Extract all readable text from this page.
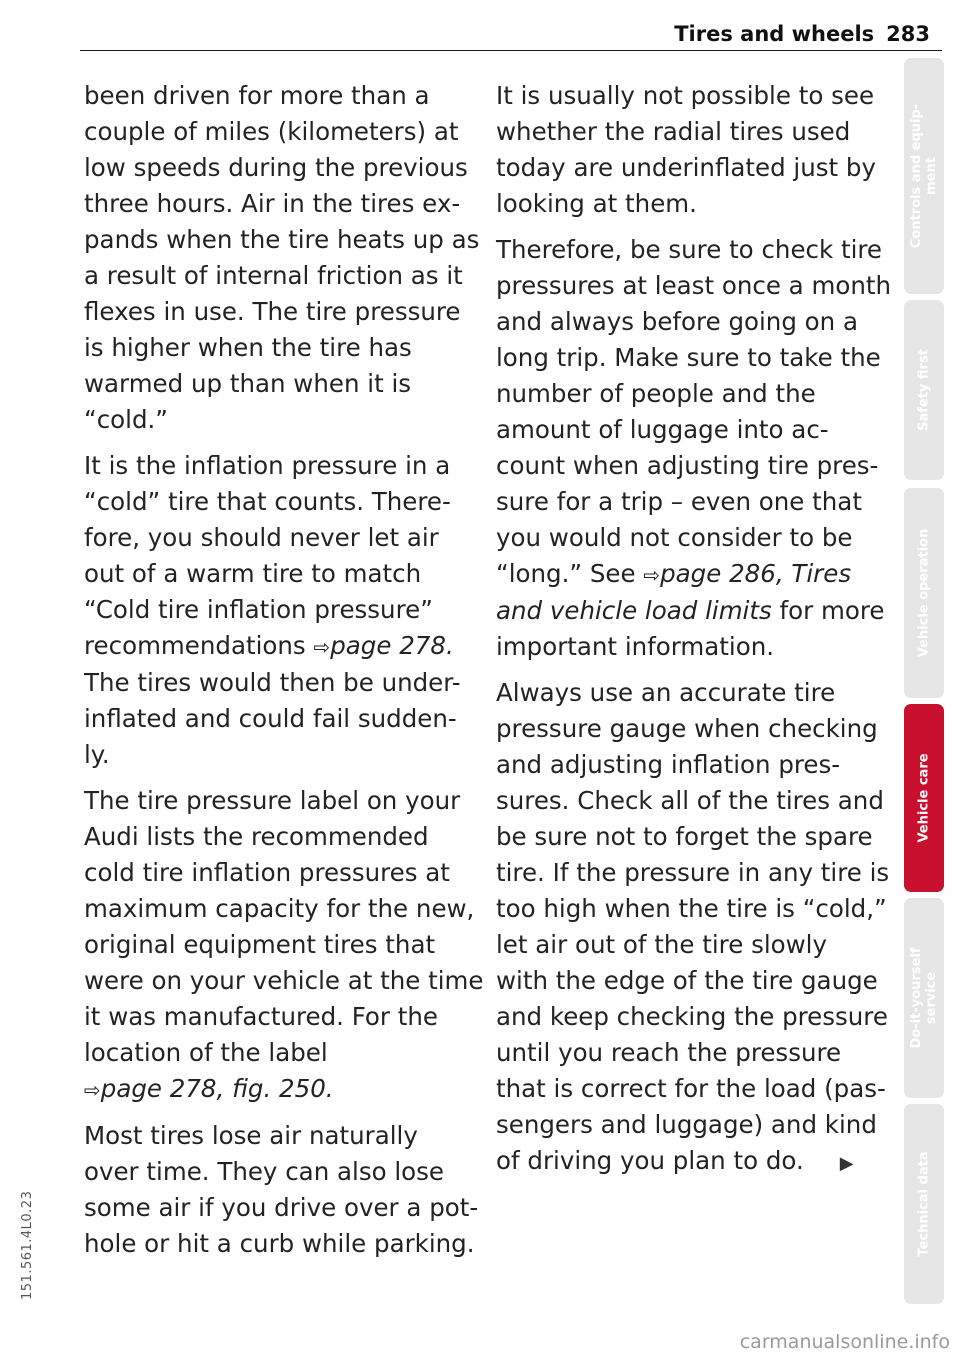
Tires and wheels 283

been driven for more than a
couple of miles (kilometers) at
low speeds during the previous
three hours. Air in the tires ex-
pands when the tire heats up as
a result of internal friction as it
flexes in use. The tire pressure
is higher when the tire has
warmed up than when it is
“cold.”

It is the inflation pressure in a
“cold” tire that counts. There-
fore, you should never let air
out of a warm tire to match
“Cold tire inflation pressure”
recommendations ⇨page 278.
The tires would then be under-
inflated and could fail sudden-
ly.

The tire pressure label on your
Audi lists the recommended
cold tire inflation pressures at
maximum capacity for the new,
original equipment tires that
were on your vehicle at the time
it was manufactured. For the
location of the label
⇨page 278, fig. 250.

Most tires lose air naturally
over time. They can also lose
some air if you drive over a pot-
hole or hit a curb while parking.

It is usually not possible to see
whether the radial tires used
today are underinflated just by
looking at them.

Therefore, be sure to check tire
pressures at least once a month
and always before going on a
long trip. Make sure to take the
number of people and the
amount of luggage into ac-
count when adjusting tire pres-
sure for a trip – even one that
you would not consider to be
“long.” See ⇨page 286, Tires
and vehicle load limits for more
important information.

Always use an accurate tire
pressure gauge when checking
and adjusting inflation pres-
sures. Check all of the tires and
be sure not to forget the spare
tire. If the pressure in any tire is
too high when the tire is “cold,”
let air out of the tire slowly
with the edge of the tire gauge
and keep checking the pressure
until you reach the pressure
that is correct for the load (pas-
sengers and luggage) and kind
of driving you plan to do. ▶

Controls and equip-
ment
Safety first
Vehicle operation
Vehicle care
Do-it-yourself
service
Technical data
151.561.4L0.23
carmanualsonline.info
